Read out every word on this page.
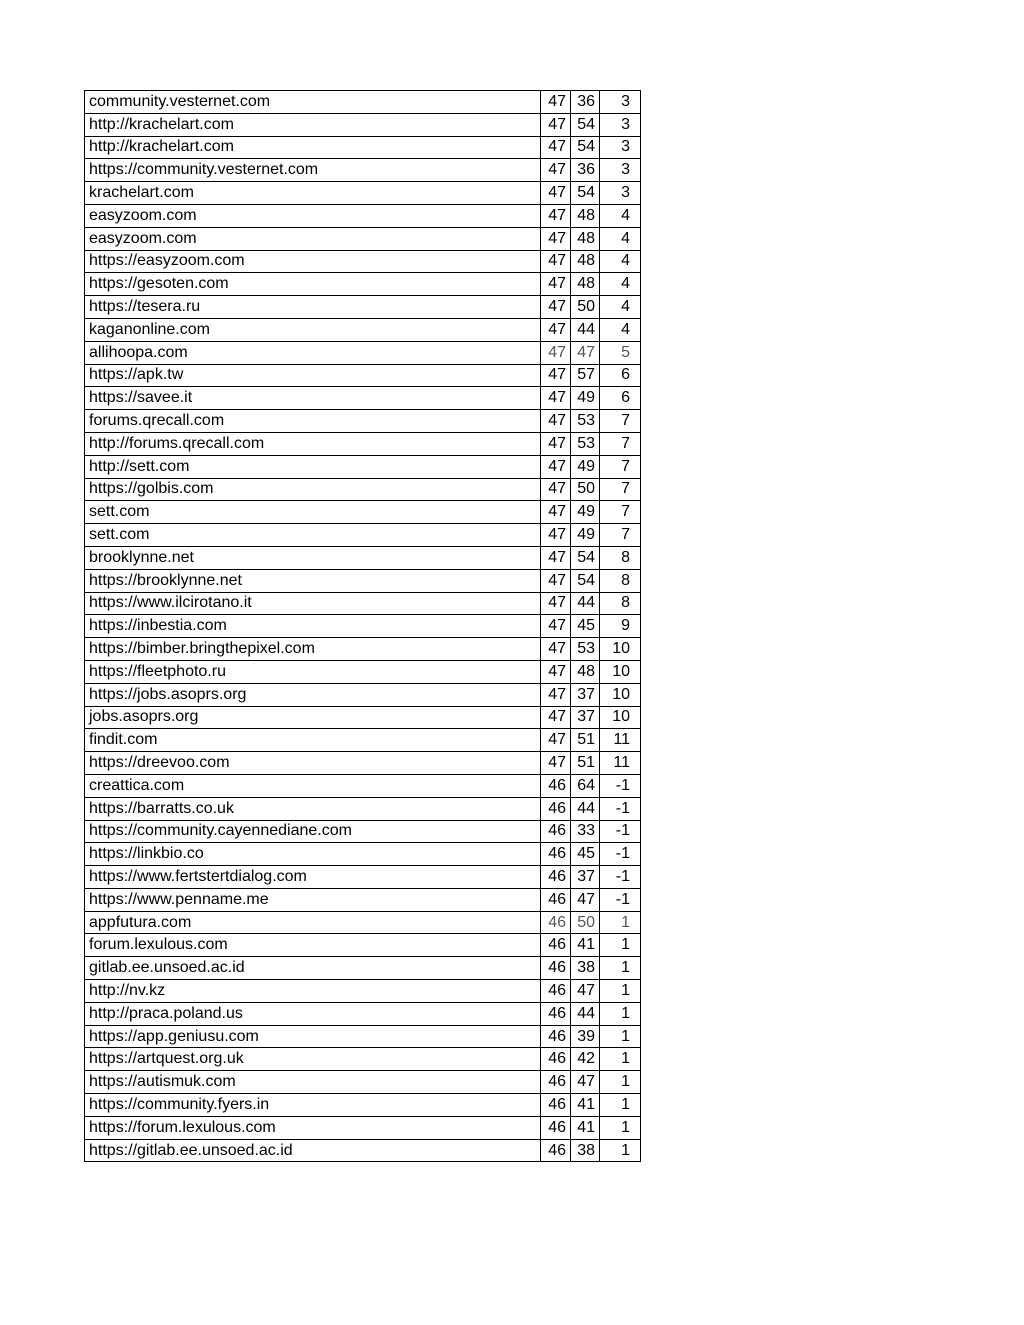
community.vesternet.com	47	36	3
http://krachelart.com	47	54	3
http://krachelart.com	47	54	3
https://community.vesternet.com	47	36	3
krachelart.com	47	54	3
easyzoom.com	47	48	4
easyzoom.com	47	48	4
https://easyzoom.com	47	48	4
https://gesoten.com	47	48	4
https://tesera.ru	47	50	4
kaganonline.com	47	44	4
allihoopa.com	47	47	5
https://apk.tw	47	57	6
https://savee.it	47	49	6
forums.qrecall.com	47	53	7
http://forums.qrecall.com	47	53	7
http://sett.com	47	49	7
https://golbis.com	47	50	7
sett.com	47	49	7
sett.com	47	49	7
brooklynne.net	47	54	8
https://brooklynne.net	47	54	8
https://www.ilcirotano.it	47	44	8
https://inbestia.com	47	45	9
https://bimber.bringthepixel.com	47	53	10
https://fleetphoto.ru	47	48	10
https://jobs.asoprs.org	47	37	10
jobs.asoprs.org	47	37	10
findit.com	47	51	11
https://dreevoo.com	47	51	11
creattica.com	46	64	-1
https://barratts.co.uk	46	44	-1
https://community.cayennediane.com	46	33	-1
https://linkbio.co	46	45	-1
https://www.fertstertdialog.com	46	37	-1
https://www.penname.me	46	47	-1
appfutura.com	46	50	1
forum.lexulous.com	46	41	1
gitlab.ee.unsoed.ac.id	46	38	1
http://nv.kz	46	47	1
http://praca.poland.us	46	44	1
https://app.geniusu.com	46	39	1
https://artquest.org.uk	46	42	1
https://autismuk.com	46	47	1
https://community.fyers.in	46	41	1
https://forum.lexulous.com	46	41	1
https://gitlab.ee.unsoed.ac.id	46	38	1
